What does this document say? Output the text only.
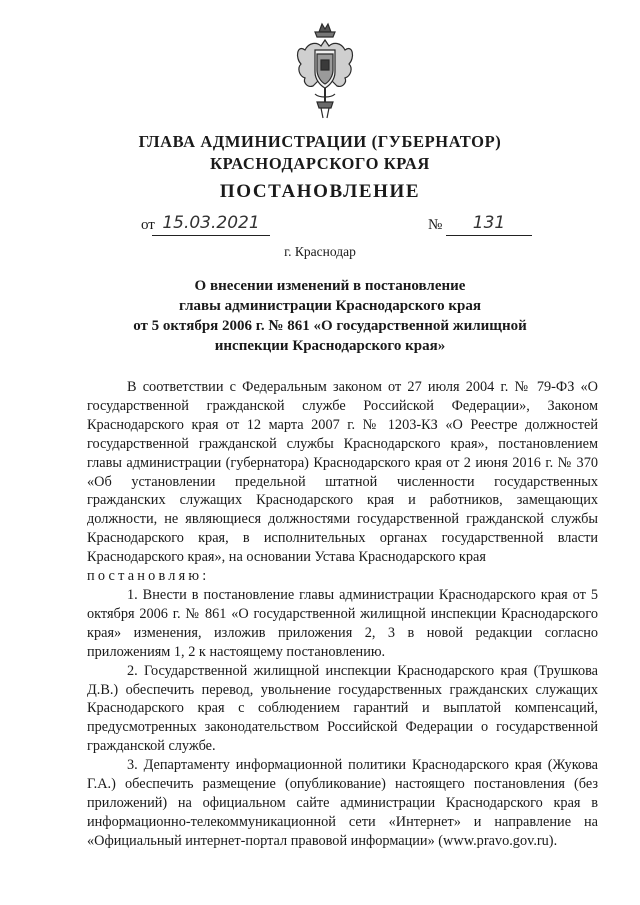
ГЛАВА АДМИНИСТРАЦИИ (ГУБЕРНАТОР)
КРАСНОДАРСКОГО КРАЯ
ПОСТАНОВЛЕНИЕ
от 15.03.2021	№	131
г. Краснодар
О внесении изменений в постановление
главы администрации Краснодарского края
от 5 октября 2006 г. № 861 «О государственной жилищной
инспекции Краснодарского края»

В соответствии с Федеральным законом от 27 июля 2004 г. № 79-ФЗ «О государственной гражданской службе Российской Федерации», Законом Краснодарского края от 12 марта 2007 г. № 1203-КЗ «О Реестре должностей государственной гражданской службы Краснодарского края», постановлением главы администрации (губернатора) Краснодарского края от 2 июня 2016 г. № 370 «Об установлении предельной штатной численности государственных гражданских служащих Краснодарского края и работников, замещающих должности, не являющиеся должностями государственной гражданской службы Краснодарского края, в исполнительных органах государственной власти Краснодарского края», на основании Устава Краснодарского края

постановляю:

1. Внести в постановление главы администрации Краснодарского края от 5 октября 2006 г. № 861 «О государственной жилищной инспекции Краснодарского края» изменения, изложив приложения 2, 3 в новой редакции согласно приложениям 1, 2 к настоящему постановлению.

2. Государственной жилищной инспекции Краснодарского края (Трушкова Д.В.) обеспечить перевод, увольнение государственных гражданских служащих Краснодарского края с соблюдением гарантий и выплатой компенсаций, предусмотренных законодательством Российской Федерации о государственной гражданской службе.

3. Департаменту информационной политики Краснодарского края (Жукова Г.А.) обеспечить размещение (опубликование) настоящего постановления (без приложений) на официальном сайте администрации Краснодарского края в информационно-телекоммуникационной сети «Интернет» и направление на «Официальный интернет-портал правовой информации» (www.pravo.gov.ru).
